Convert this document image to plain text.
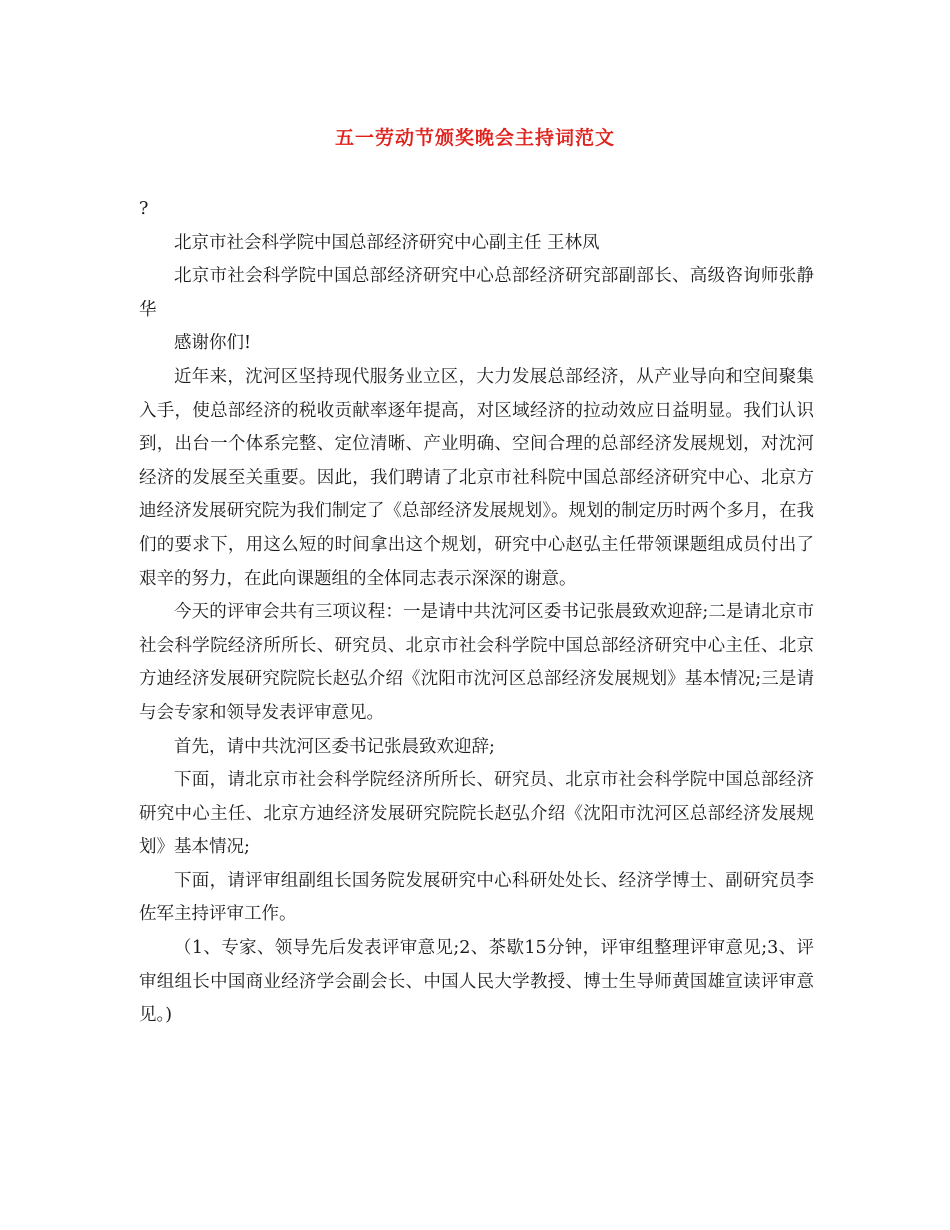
五一劳动节颁奖晚会主持词范文

?

北京市社会科学院中国总部经济研究中心副主任 王林凤

北京市社会科学院中国总部经济研究中心总部经济研究部副部长、高级咨询师张静华

感谢你们!

近年来，沈河区坚持现代服务业立区，大力发展总部经济，从产业导向和空间聚集入手，使总部经济的税收贡献率逐年提高，对区域经济的拉动效应日益明显。我们认识到，出台一个体系完整、定位清晰、产业明确、空间合理的总部经济发展规划，对沈河经济的发展至关重要。因此，我们聘请了北京市社科院中国总部经济研究中心、北京方迪经济发展研究院为我们制定了《总部经济发展规划》。规划的制定历时两个多月，在我们的要求下，用这么短的时间拿出这个规划，研究中心赵弘主任带领课题组成员付出了艰辛的努力，在此向课题组的全体同志表示深深的谢意。

今天的评审会共有三项议程：一是请中共沈河区委书记张晨致欢迎辞;二是请北京市社会科学院经济所所长、研究员、北京市社会科学院中国总部经济研究中心主任、北京方迪经济发展研究院院长赵弘介绍《沈阳市沈河区总部经济发展规划》基本情况;三是请与会专家和领导发表评审意见。

首先，请中共沈河区委书记张晨致欢迎辞;

下面，请北京市社会科学院经济所所长、研究员、北京市社会科学院中国总部经济研究中心主任、北京方迪经济发展研究院院长赵弘介绍《沈阳市沈河区总部经济发展规划》基本情况;

下面，请评审组副组长国务院发展研究中心科研处处长、经济学博士、副研究员李佐军主持评审工作。

（1、专家、领导先后发表评审意见;2、茶歇15分钟，评审组整理评审意见;3、评审组组长中国商业经济学会副会长、中国人民大学教授、博士生导师黄国雄宣读评审意见。)
